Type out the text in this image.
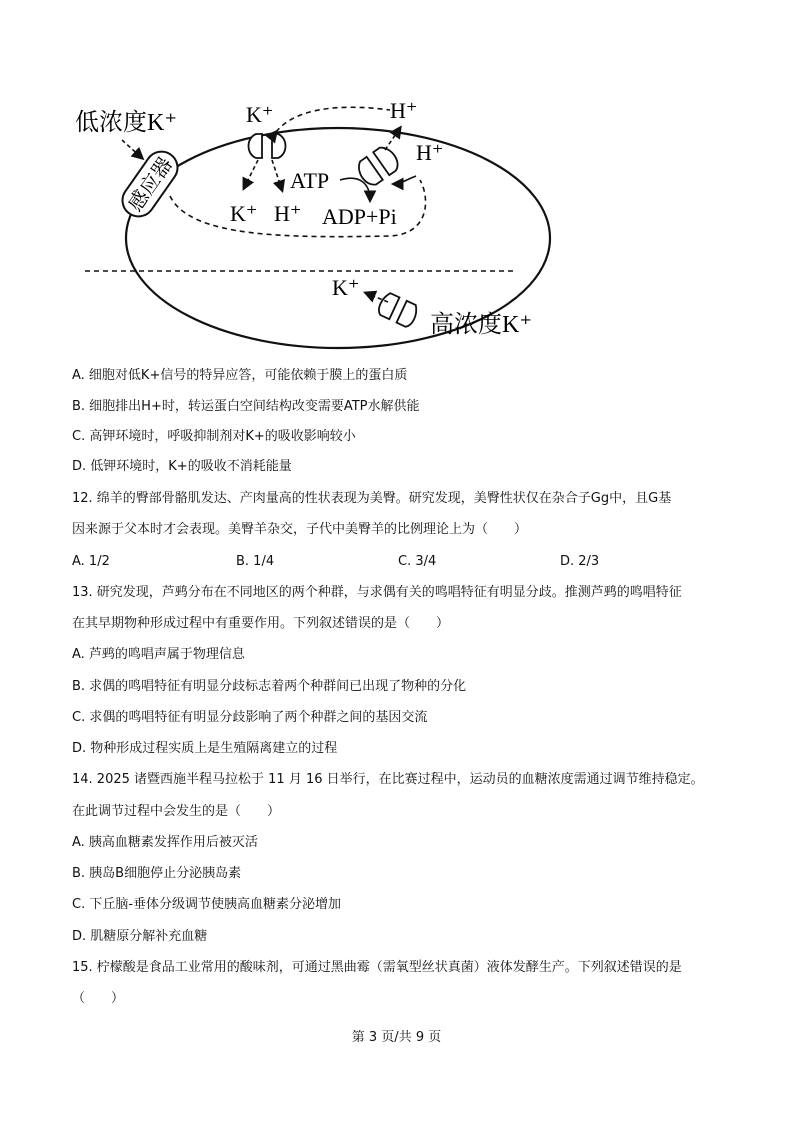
感应器
低浓度K⁺	K⁺	H⁺
K⁺ H⁺
H⁺
ATP
ADP+Pi
K⁺
高浓度K⁺
A. 细胞对低K+信号的特异应答，可能依赖于膜上的蛋白质
B. 细胞排出H+时，转运蛋白空间结构改变需要ATP水解供能
C. 高钾环境时，呼吸抑制剂对K+的吸收影响较小
D. 低钾环境时，K+的吸收不消耗能量
12. 绵羊的臀部骨骼肌发达、产肉量高的性状表现为美臀。研究发现，美臀性状仅在杂合子Gg中，且G基
因来源于父本时才会表现。美臀羊杂交，子代中美臀羊的比例理论上为（　　）
A. 1/2	B. 1/4	C. 3/4	D. 2/3
13. 研究发现，芦鹀分布在不同地区的两个种群，与求偶有关的鸣唱特征有明显分歧。推测芦鹀的鸣唱特征
在其早期物种形成过程中有重要作用。下列叙述错误的是（　　）
A. 芦鹀的鸣唱声属于物理信息
B. 求偶的鸣唱特征有明显分歧标志着两个种群间已出现了物种的分化
C. 求偶的鸣唱特征有明显分歧影响了两个种群之间的基因交流
D. 物种形成过程实质上是生殖隔离建立的过程
14. 2025 诸暨西施半程马拉松于 11 月 16 日举行，在比赛过程中，运动员的血糖浓度需通过调节维持稳定。
在此调节过程中会发生的是（　　）
A. 胰高血糖素发挥作用后被灭活
B. 胰岛B细胞停止分泌胰岛素
C. 下丘脑-垂体分级调节使胰高血糖素分泌增加
D. 肌糖原分解补充血糖
15. 柠檬酸是食品工业常用的酸味剂，可通过黑曲霉（需氧型丝状真菌）液体发酵生产。下列叙述错误的是
（　　）
第 3 页/共 9 页
